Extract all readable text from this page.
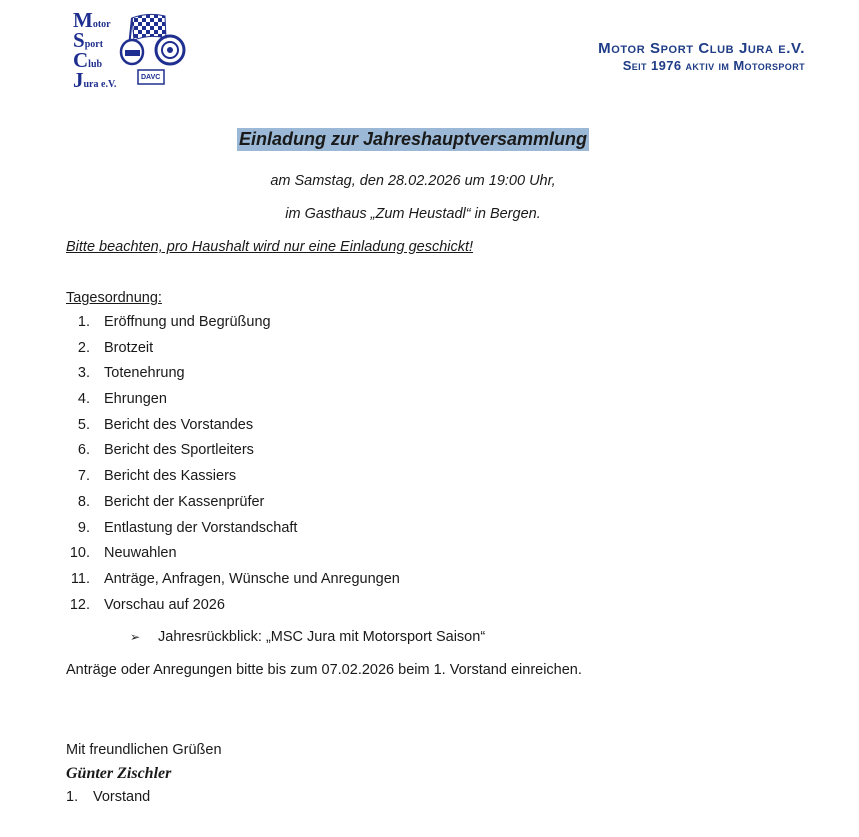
Motor
Sport
Club
Jura e.V.
DAVC
Motor Sport Club Jura e.V.
Seit 1976 aktiv im Motorsport
Einladung zur Jahreshauptversammlung
am Samstag, den 28.02.2026 um 19:00 Uhr,
im Gasthaus „Zum Heustadl“ in Bergen.
Bitte beachten, pro Haushalt wird nur eine Einladung geschickt!
Tagesordnung:
1. Eröffnung und Begrüßung
2. Brotzeit
3. Totenehrung
4. Ehrungen
5. Bericht des Vorstandes
6. Bericht des Sportleiters
7. Bericht des Kassiers
8. Bericht der Kassenprüfer
9. Entlastung der Vorstandschaft
10. Neuwahlen
11. Anträge, Anfragen, Wünsche und Anregungen
12. Vorschau auf 2026
➢ Jahresrückblick: „MSC Jura mit Motorsport Saison“
Anträge oder Anregungen bitte bis zum 07.02.2026 beim 1. Vorstand einreichen.
Mit freundlichen Grüßen
Günter Zischler
1. Vorstand
